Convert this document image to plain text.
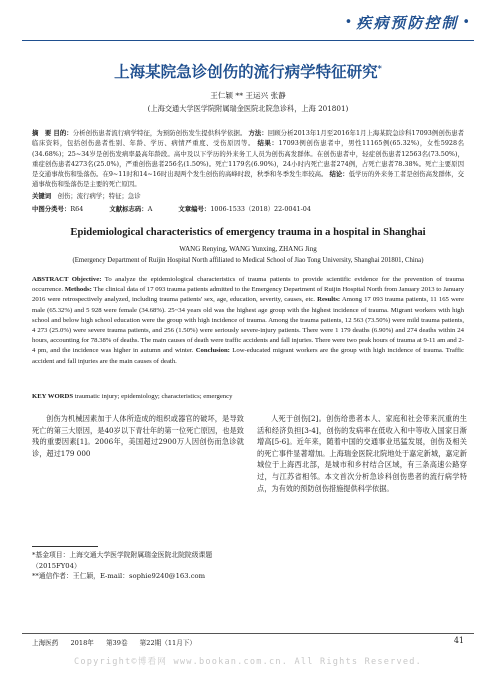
• 疾病预防控制 •
上海某院急诊创伤的流行病学特征研究*
王仁颖 ** 王运兴 张静
(上海交通大学医学院附属瑞金医院北院急诊科，上海 201801)
摘　要 目的：分析创伤患者流行病学特征，为预防创伤发生提供科学依据。 方法：回顾分析2013年1月至2016年1月上海某院急诊科17093例创伤患者临床资料，包括创伤患者性别、年龄、学历、病情严重度、受伤原因等。 结果：17093例创伤患者中，男性11165例(65.32%)，女性5928名(34.68%)；25~34岁是创伤发病率最高年龄段。高中及以下学历的外来务工人员为创伤高发群体。在创伤患者中，轻症创伤患者12563名(73.50%)，重症创伤患者4273名(25.0%)，严重创伤患者256名(1.50%)。死亡1179名(6.90%)，24小时内死亡患者274例，占死亡患者78.38%。死亡主要原因是交通事故伤和坠落伤。在9~11时和14~16时出现两个发生创伤的高峰时段，秋季和冬季发生率较高。 结论：低学历的外来务工者是创伤高发群体，交通事故伤和坠落伤是主要的死亡原因。
关键词　 创伤；流行病学；特征；急诊
中图分类号：R64	文献标志码：A	文章编号：1006-1533（2018）22-0041-04
Epidemiological characteristics of emergency trauma in a hospital in Shanghai
WANG Renying, WANG Yunxing, ZHANG Jing
(Emergency Department of Ruijin Hospital North affiliated to Medical School of Jiao Tong University, Shanghai 201801, China)
ABSTRACT Objective: To analyze the epidemiological characteristics of trauma patients to provide scientific evidence for the prevention of trauma occurrence. Methods: The clinical data of 17 093 trauma patients admitted to the Emergency Department of Ruijin Hospital North from January 2013 to January 2016 were retrospectively analyzed, including trauma patients' sex, age, education, severity, causes, etc. Results: Among 17 093 trauma patients, 11 165 were male (65.32%) and 5 928 were female (34.68%). 25~34 years old was the highest age group with the highest incidence of trauma. Migrant workers with high school and below high school education were the group with high incidence of trauma. Among the trauma patients, 12 563 (73.50%) were mild trauma patients, 4 273 (25.0%) were severe trauma patients, and 256 (1.50%) were seriously severe-injury patients. There were 1 179 deaths (6.90%) and 274 deaths within 24 hours, accounting for 78.38% of deaths. The main causes of death were traffic accidents and fall injuries. There were two peak hours of trauma at 9-11 am and 2-4 pm, and the incidence was higher in autumn and winter. Conclusion: Low-educated migrant workers are the group with high incidence of trauma. Traffic accident and fall injuries are the main causes of death.
KEY WORDS traumatic injury; epidemiology; characteristics; emergency
创伤为机械因素加于人体所造成的组织或器官的破坏，是导致死亡的第三大原因，是40岁以下青壮年的第一位死亡原因，也是致残的重要因素[1]。2006年，美国超过2900万人因创伤而急诊就诊，超过179 000

人死于创伤[2]。创伤给患者本人、家庭和社会带来沉重的生活和经济负担[3-4]，创伤的发病率在低收入和中等收入国家日渐增高[5-6]。近年来，随着中国的交通事业迅猛发展，创伤及相关的死亡事件显著增加。上海瑞金医院北院地处于嘉定新城，嘉定新城位于上海西北部，是城市和乡村结合区域，有三条高速公路穿过，与江苏省相邻。本文首次分析急诊科创伤患者的流行病学特点，为有效的预防创伤措施提供科学依据。

*基金项目：上海交通大学医学院附属瑞金医院北院院级课题（2015FY04）
**通信作者：王仁颖，E-mail：sophie9240@163.com
上海医药 2018年 第39卷 第22期（11月下）	41
Copyright©博看网 www.bookan.com.cn. All Rights Reserved.
